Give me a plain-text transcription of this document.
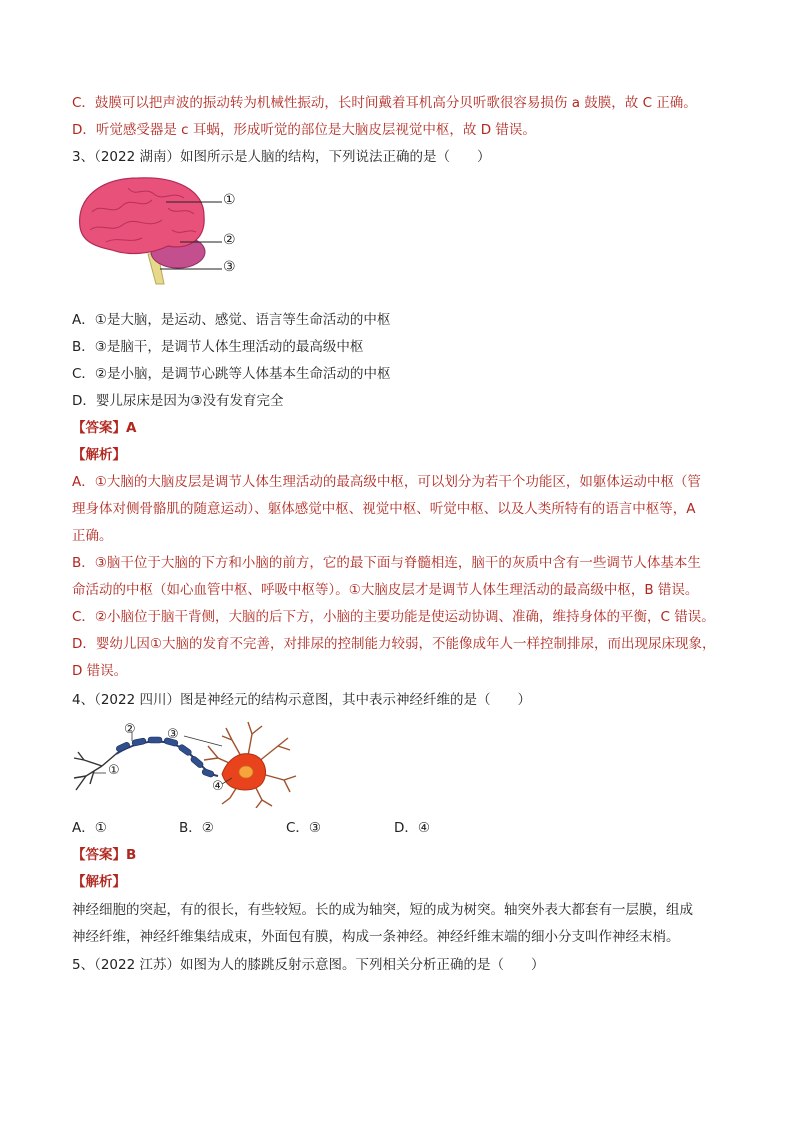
C．鼓膜可以把声波的振动转为机械性振动，长时间戴着耳机高分贝听歌很容易损伤 a 鼓膜，故 C 正确。
D．听觉感受器是 c 耳蜗，形成听觉的部位是大脑皮层视觉中枢，故 D 错误。
3、（2022 湖南）如图所示是人脑的结构，下列说法正确的是（　　）
①
②
③
A．①是大脑，是运动、感觉、语言等生命活动的中枢
B．③是脑干，是调节人体生理活动的最高级中枢
C．②是小脑，是调节心跳等人体基本生命活动的中枢
D．婴儿尿床是因为③没有发育完全
【答案】A
【解析】
A．①大脑的大脑皮层是调节人体生理活动的最高级中枢，可以划分为若干个功能区，如躯体运动中枢（管
理身体对侧骨骼肌的随意运动）、躯体感觉中枢、视觉中枢、听觉中枢、以及人类所特有的语言中枢等，A
正确。
B．③脑干位于大脑的下方和小脑的前方，它的最下面与脊髓相连，脑干的灰质中含有一些调节人体基本生
命活动的中枢（如心血管中枢、呼吸中枢等）。①大脑皮层才是调节人体生理活动的最高级中枢，B 错误。
C．②小脑位于脑干背侧，大脑的后下方，小脑的主要功能是使运动协调、准确，维持身体的平衡，C 错误。
D．婴幼儿因①大脑的发育不完善，对排尿的控制能力较弱，不能像成年人一样控制排尿，而出现尿床现象，
D 错误。
4、（2022 四川）图是神经元的结构示意图，其中表示神经纤维的是（　　）
② ③
①
④
A．①	B．②	C．③	D．④
【答案】B
【解析】
神经细胞的突起，有的很长，有些较短。长的成为轴突，短的成为树突。轴突外表大都套有一层膜，组成
神经纤维，神经纤维集结成束，外面包有膜，构成一条神经。神经纤维末端的细小分支叫作神经末梢。
5、（2022 江苏）如图为人的膝跳反射示意图。下列相关分析正确的是（　　）
